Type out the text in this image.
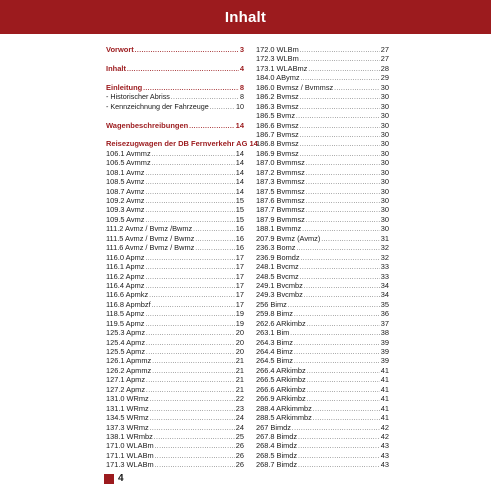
Inhalt
Vorwort .....	3
Inhalt .....	4
Einleitung .....	8
- Historischer Abriss .....	8
- Kennzeichnung der Fahrzeuge .....	10
Wagenbeschreibungen .....	14
Reisezugwagen der DB Fernverkehr AG 14
106.1 Avmmz .....	14
106.5 Avmmz .....	14
108.1 Avmz .....	14
108.5 Avmz .....	14
108.7 Avmz .....	14
109.2 Avmz .....	15
109.3 Avmz .....	15
109.5 Avmz .....	15
111.2 Avmz / Bvmz /Bwmz .....	16
111.5 Avmz / Bvmz / Bwmz .....	16
111.6 Avmz / Bvmz / Bwmz .....	16
116.0 Apmz .....	17
116.1 Apmz .....	17
116.2 Apmz .....	17
116.4 Apmz .....	17
116.6 Apmkz .....	17
116.8 Apmbzf .....	17
118.5 Apmz .....	19
119.5 Apmz .....	19
125.3 Apmz .....	20
125.4 Apmz .....	20
125.5 Apmz .....	20
126.1 Apmmz .....	21
126.2 Apmmz .....	21
127.1 Apmz .....	21
127.2 Apmz .....	21
131.0 WRmz .....	22
131.1 WRmz .....	23
134.5 WRmz .....	24
137.3 WRmz .....	24
138.1 WRmbz .....	25
171.0 WLABm .....	26
171.1 WLABm .....	26
171.3 WLABm .....	26
172.0 WLBm .....	27
172.3 WLBm .....	27
173.1 WLABmz .....	28
184.0 ABymz .....	29
186.0 Bvmsz / Bvmmsz .....	30
186.2 Bvmsz .....	30
186.3 Bvmsz .....	30
186.5 Bvmz .....	30
186.6 Bvmsz .....	30
186.7 Bvmsz .....	30
186.8 Bvmsz .....	30
186.9 Bvmsz .....	30
187.0 Bvmmsz .....	30
187.2 Bvmmsz .....	30
187.3 Bvmmsz .....	30
187.5 Bvmmsz .....	30
187.6 Bvmmsz .....	30
187.7 Bvmmsz .....	30
187.9 Bvmmsz .....	30
188.1 Bvmmz .....	30
207.9 Bvmz (Avmz) .....	31
236.3 Bomz .....	32
236.9 Bomdz .....	32
248.1 Bvcmz .....	33
248.5 Bvcmz .....	33
249.1 Bvcmbz .....	34
249.3 Bvcmbz .....	34
256 Bimz .....	35
259.8 Bimz .....	36
262.6 ARkimbz .....	37
263.1 Bim .....	38
264.3 Bimz .....	39
264.4 Bimz .....	39
264.5 Bimz .....	39
266.4 ARkimbz .....	41
266.5 ARkimbz .....	41
266.6 ARkimbz .....	41
266.9 ARkimbz .....	41
288.4 ARkimmbz .....	41
288.5 ARkimmbz .....	41
267 Bimdz .....	42
267.8 Bimdz .....	42
268.4 Bimdz .....	43
268.5 Bimdz .....	43
268.7 Bimdz .....	43
4
